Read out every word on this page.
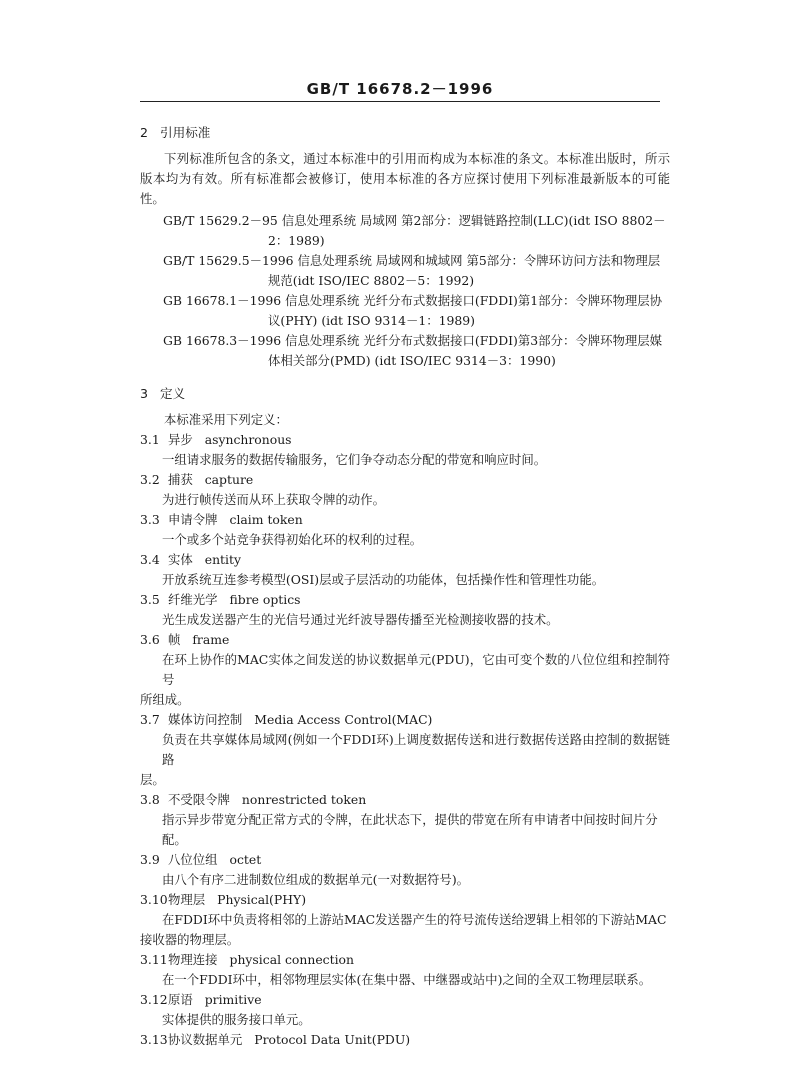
GB/T 16678.2－1996
2 引用标准

下列标准所包含的条文，通过本标准中的引用而构成为本标准的条文。本标准出版时，所示版本均为有效。所有标准都会被修订，使用本标准的各方应探讨使用下列标准最新版本的可能性。

GB/T 15629.2－95 信息处理系统 局域网 第2部分：逻辑链路控制(LLC)(idt ISO 8802－2：1989)

GB/T 15629.5－1996 信息处理系统 局域网和城域网 第5部分：令牌环访问方法和物理层规范(idt ISO/IEC 8802－5：1992)

GB 16678.1－1996 信息处理系统 光纤分布式数据接口(FDDI)第1部分：令牌环物理层协议(PHY) (idt ISO 9314－1：1989)

GB 16678.3－1996 信息处理系统 光纤分布式数据接口(FDDI)第3部分：令牌环物理层媒体相关部分(PMD) (idt ISO/IEC 9314－3：1990)

3 定义

本标准采用下列定义：

3.1 异步 asynchronous

一组请求服务的数据传输服务，它们争夺动态分配的带宽和响应时间。

3.2 捕获 capture

为进行帧传送而从环上获取令牌的动作。

3.3 申请令牌 claim token

一个或多个站竞争获得初始化环的权利的过程。

3.4 实体 entity

开放系统互连参考模型(OSI)层或子层活动的功能体，包括操作性和管理性功能。

3.5 纤维光学 fibre optics

光生成发送器产生的光信号通过光纤波导器传播至光检测接收器的技术。

3.6 帧 frame

在环上协作的MAC实体之间发送的协议数据单元(PDU)，它由可变个数的八位位组和控制符号
所组成。

3.7 媒体访问控制 Media Access Control(MAC)

负责在共享媒体局域网(例如一个FDDI环)上调度数据传送和进行数据传送路由控制的数据链路
层。

3.8 不受限令牌 nonrestricted token

指示异步带宽分配正常方式的令牌，在此状态下，提供的带宽在所有申请者中间按时间片分配。

3.9 八位位组 octet

由八个有序二进制数位组成的数据单元(一对数据符号)。

3.10 物理层 Physical(PHY)

在FDDI环中负责将相邻的上游站MAC发送器产生的符号流传送给逻辑上相邻的下游站MAC
接收器的物理层。

3.11 物理连接 physical connection

在一个FDDI环中，相邻物理层实体(在集中器、中继器或站中)之间的全双工物理层联系。

3.12 原语 primitive

实体提供的服务接口单元。

3.13 协议数据单元 Protocol Data Unit(PDU)
